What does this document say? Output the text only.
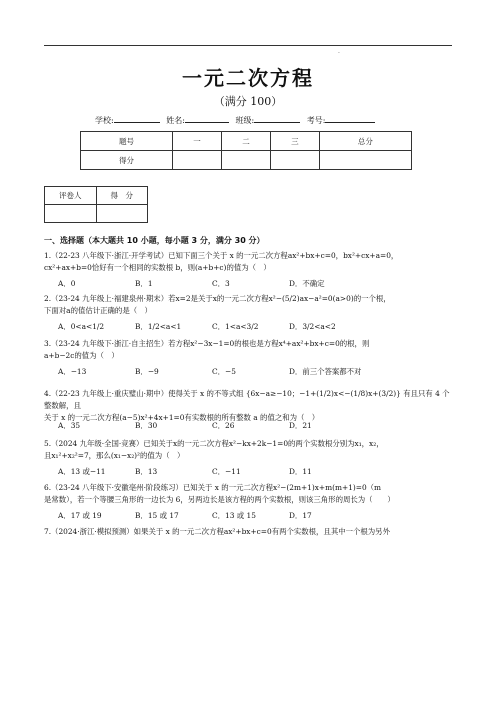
.
一元二次方程
（满分 100）
学校:	姓名:	班级:	考号:
题号	一	二	三	总分
得分				
评卷人	得　分

一、选择题（本大题共 10 小题，每小题 3 分，满分 30 分）
1.（22-23 八年级下·浙江·开学考试）已知下面三个关于 x 的一元二次方程ax²+bx+c=0，bx²+cx+a=0，
cx²+ax+b=0恰好有一个相同的实数根 b，则(a+b+c)的值为（　）
A．0	B．1	C．3	D．不确定
2.（23-24 九年级上·福建泉州·期末）若x=2是关于x的一元二次方程x²−(5/2)ax−a²=0(a>0)的一个根，
下面对a的值估计正确的是（　）
A．0<a<1/2	B．1/2<a<1	C．1<a<3/2	D．3/2<a<2
3.（23-24 九年级下·浙江·自主招生）若方程x²−3x−1=0的根也是方程x⁴+ax²+bx+c=0的根，则
a+b−2c的值为（　）
A．−13	B．−9	C．−5	D．前三个答案都不对
4.（22-23 九年级上·重庆璧山·期中）使得关于 x 的不等式组 {6x−a≥−10；−1+(1/2)x<−(1/8)x+(3/2)} 有且只有 4 个整数解，且
关于 x 的一元二次方程(a−5)x²+4x+1=0有实数根的所有整数 a 的值之和为（　）
A．35	B．30	C．26	D．21
5.（2024 九年级·全国·竞赛）已知关于x的一元二次方程x²−kx+2k−1=0的两个实数根分别为x₁，x₂，
且x₁²+x₂²=7，那么(x₁−x₂)²的值为（　）
A．13 或−11	B．13	C．−11	D．11
6.（23-24 八年级下·安徽亳州·阶段练习）已知关于 x 的一元二次方程x²−(2m+1)x+m(m+1)=0（m
是常数），若一个等腰三角形的一边长为 6，另两边长是该方程的两个实数根，则该三角形的周长为（　　）
A．17 或 19	B．15 或 17	C．13 或 15	D．17
7.（2024·浙江·模拟预测）如果关于 x 的一元二次方程ax²+bx+c=0有两个实数根，且其中一个根为另外
